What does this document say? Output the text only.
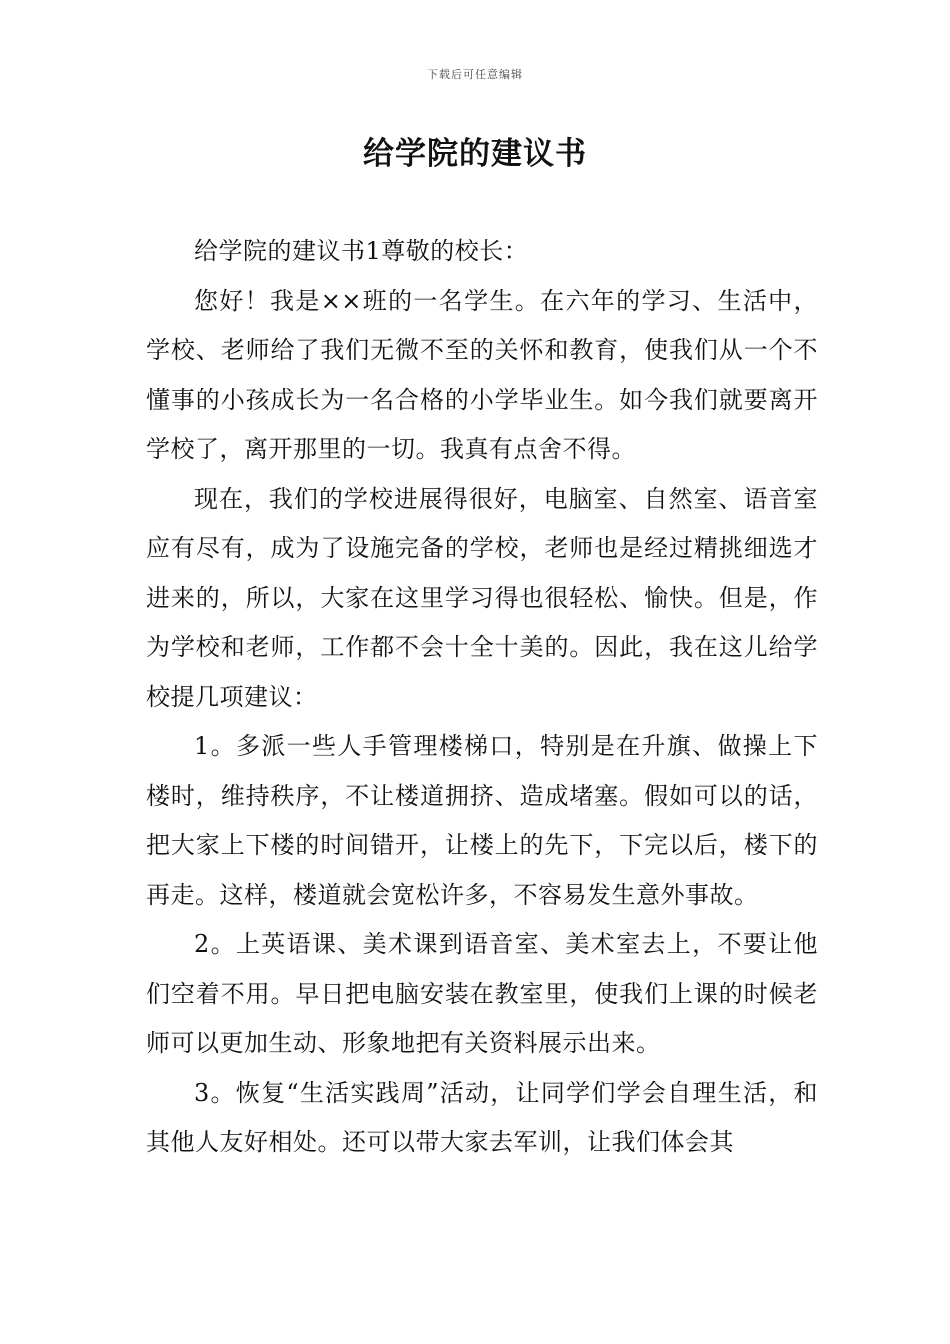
下载后可任意编辑
给学院的建议书

给学院的建议书1尊敬的校长：

您好！我是××班的一名学生。在六年的学习、生活中，学校、老师给了我们无微不至的关怀和教育，使我们从一个不懂事的小孩成长为一名合格的小学毕业生。如今我们就要离开学校了，离开那里的一切。我真有点舍不得。

现在，我们的学校进展得很好，电脑室、自然室、语音室应有尽有，成为了设施完备的学校，老师也是经过精挑细选才进来的，所以，大家在这里学习得也很轻松、愉快。但是，作为学校和老师，工作都不会十全十美的。因此，我在这儿给学校提几项建议：

1。多派一些人手管理楼梯口，特别是在升旗、做操上下楼时，维持秩序，不让楼道拥挤、造成堵塞。假如可以的话，把大家上下楼的时间错开，让楼上的先下，下完以后，楼下的再走。这样，楼道就会宽松许多，不容易发生意外事故。

2。上英语课、美术课到语音室、美术室去上，不要让他们空着不用。早日把电脑安装在教室里，使我们上课的时候老师可以更加生动、形象地把有关资料展示出来。

3。恢复“生活实践周”活动，让同学们学会自理生活，和其他人友好相处。还可以带大家去军训，让我们体会其
